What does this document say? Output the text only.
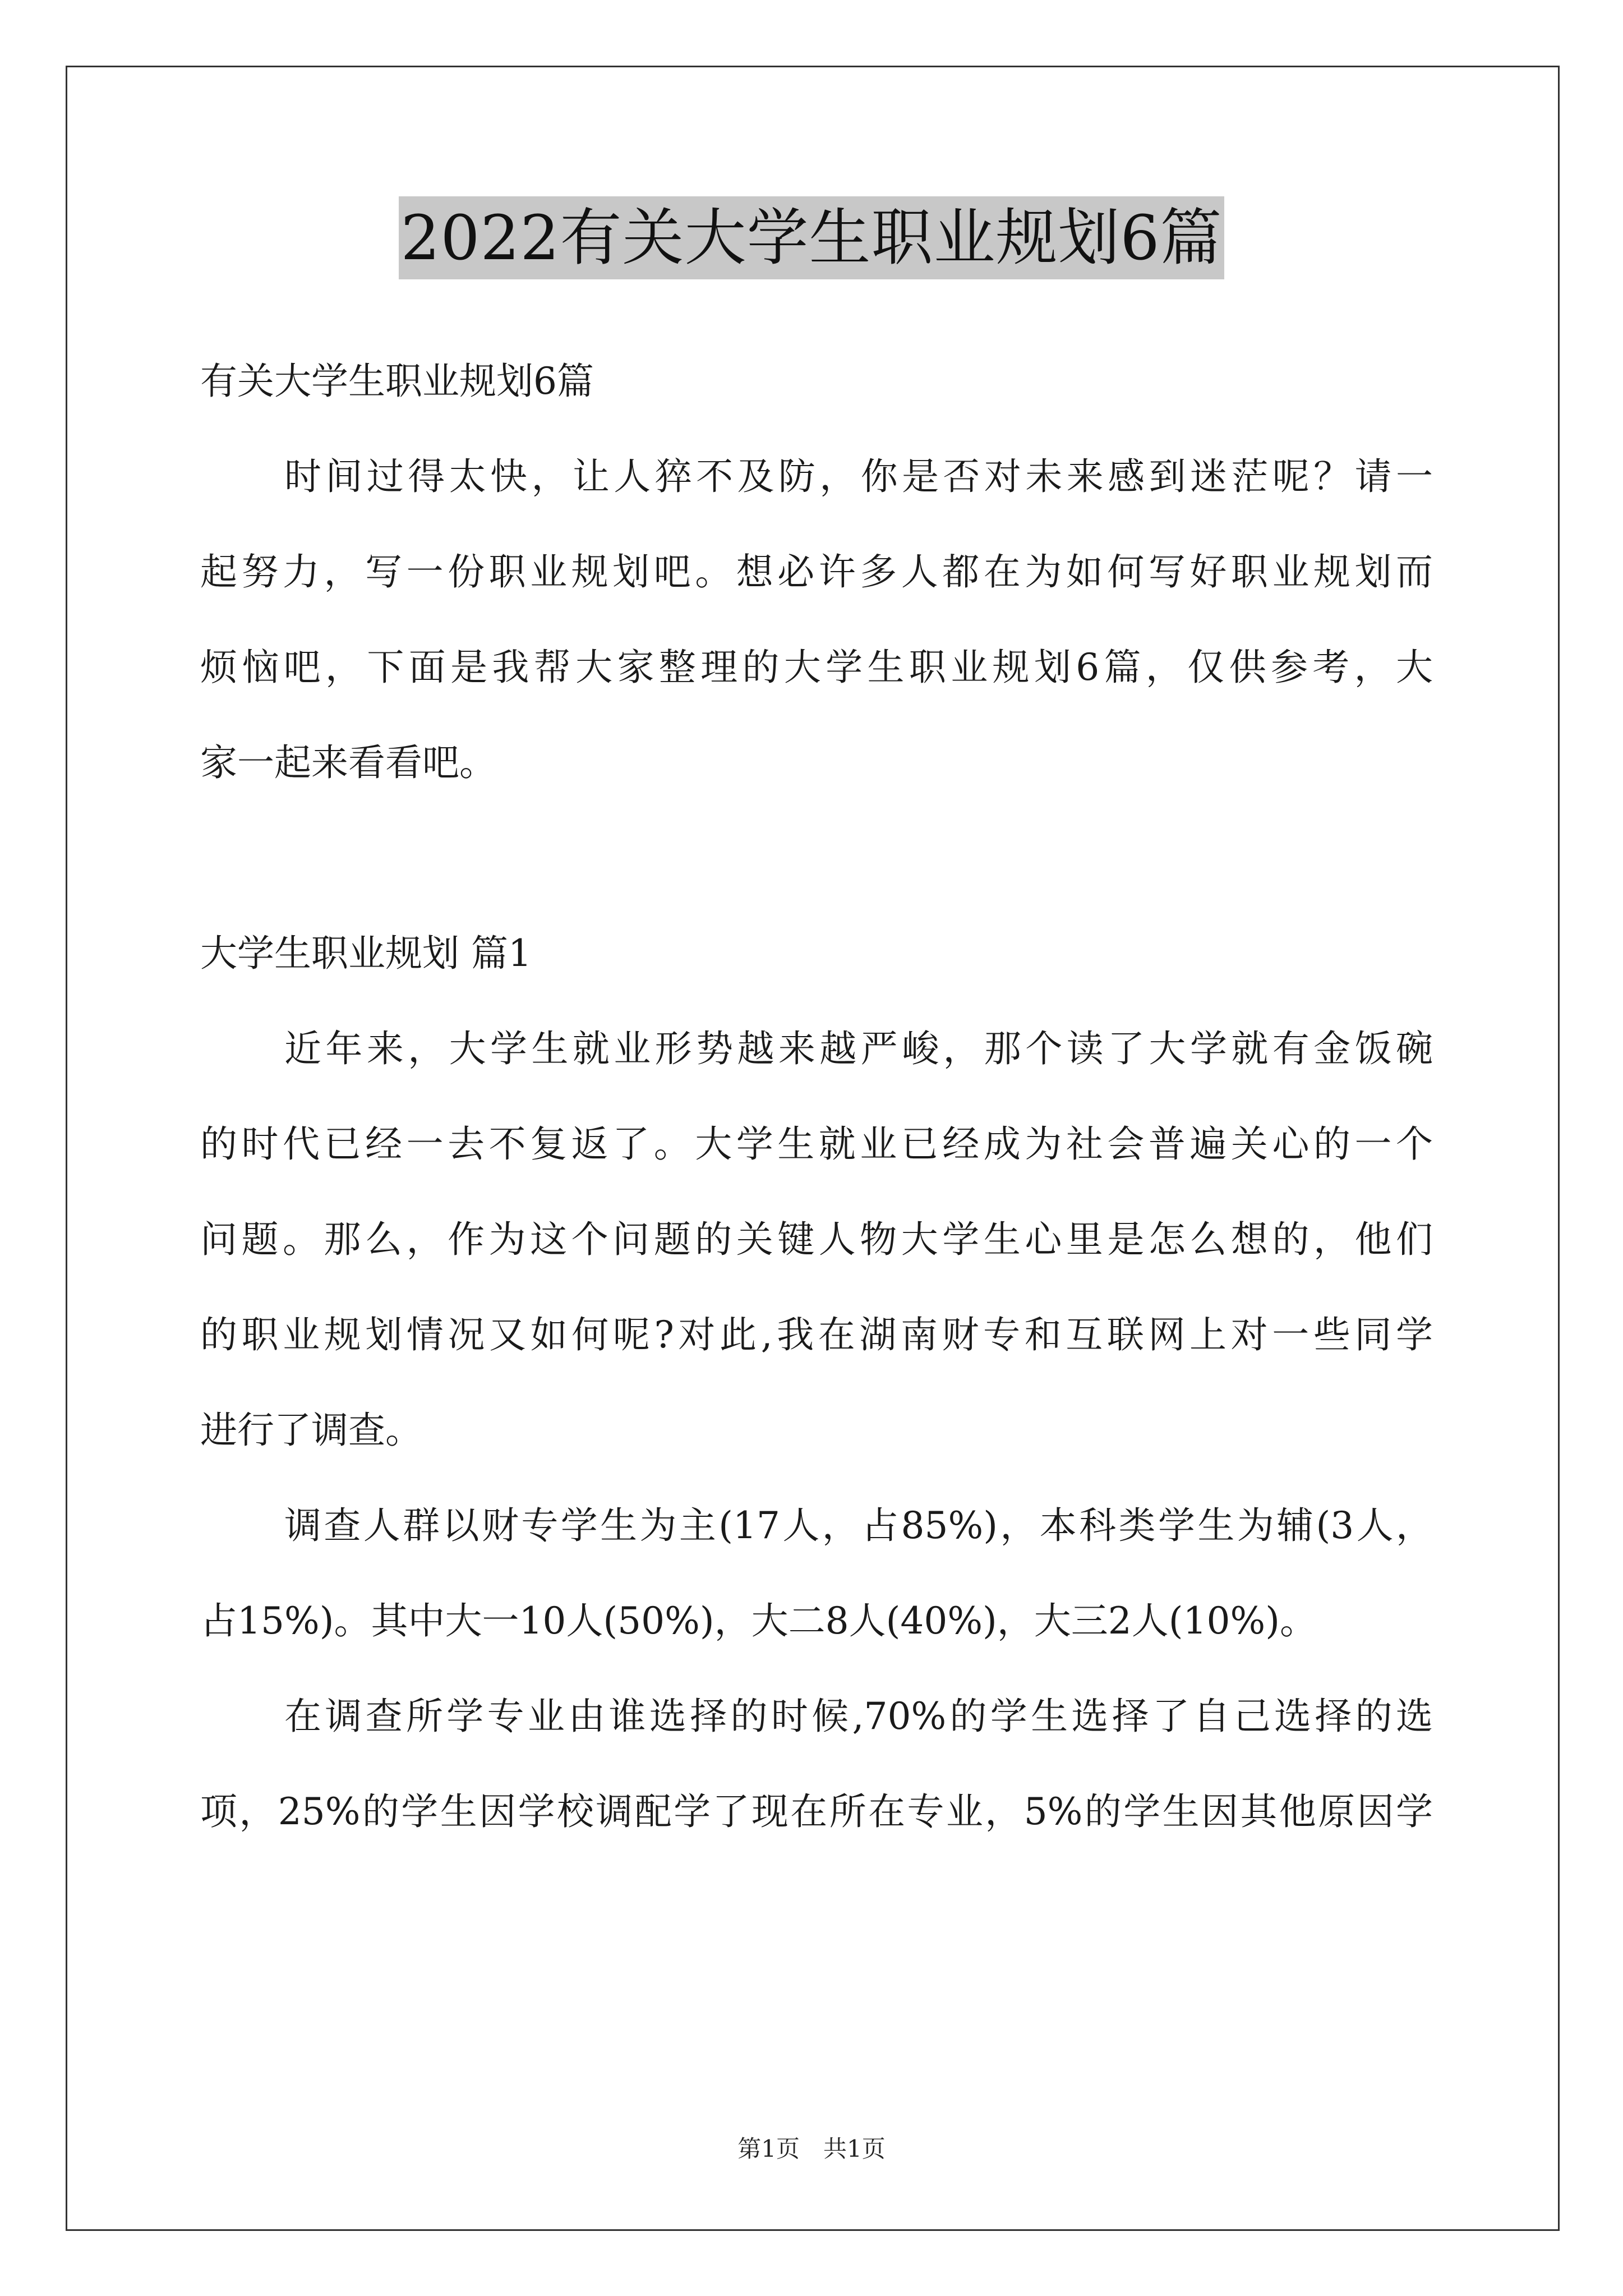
2022有关大学生职业规划6篇
有关大学生职业规划6篇
时间过得太快，让人猝不及防，你是否对未来感到迷茫呢？请一
起努力，写一份职业规划吧。想必许多人都在为如何写好职业规划而
烦恼吧，下面是我帮大家整理的大学生职业规划6篇，仅供参考，大
家一起来看看吧。
大学生职业规划 篇1
近年来，大学生就业形势越来越严峻，那个读了大学就有金饭碗
的时代已经一去不复返了。大学生就业已经成为社会普遍关心的一个
问题。那么，作为这个问题的关键人物大学生心里是怎么想的，他们
的职业规划情况又如何呢?对此,我在湖南财专和互联网上对一些同学
进行了调查。
调查人群以财专学生为主(17人，占85%)，本科类学生为辅(3人，
占15%)。其中大一10人(50%)，大二8人(40%)，大三2人(10%)。
在调查所学专业由谁选择的时候,70%的学生选择了自己选择的选
项，25%的学生因学校调配学了现在所在专业，5%的学生因其他原因学
第1页　共1页
